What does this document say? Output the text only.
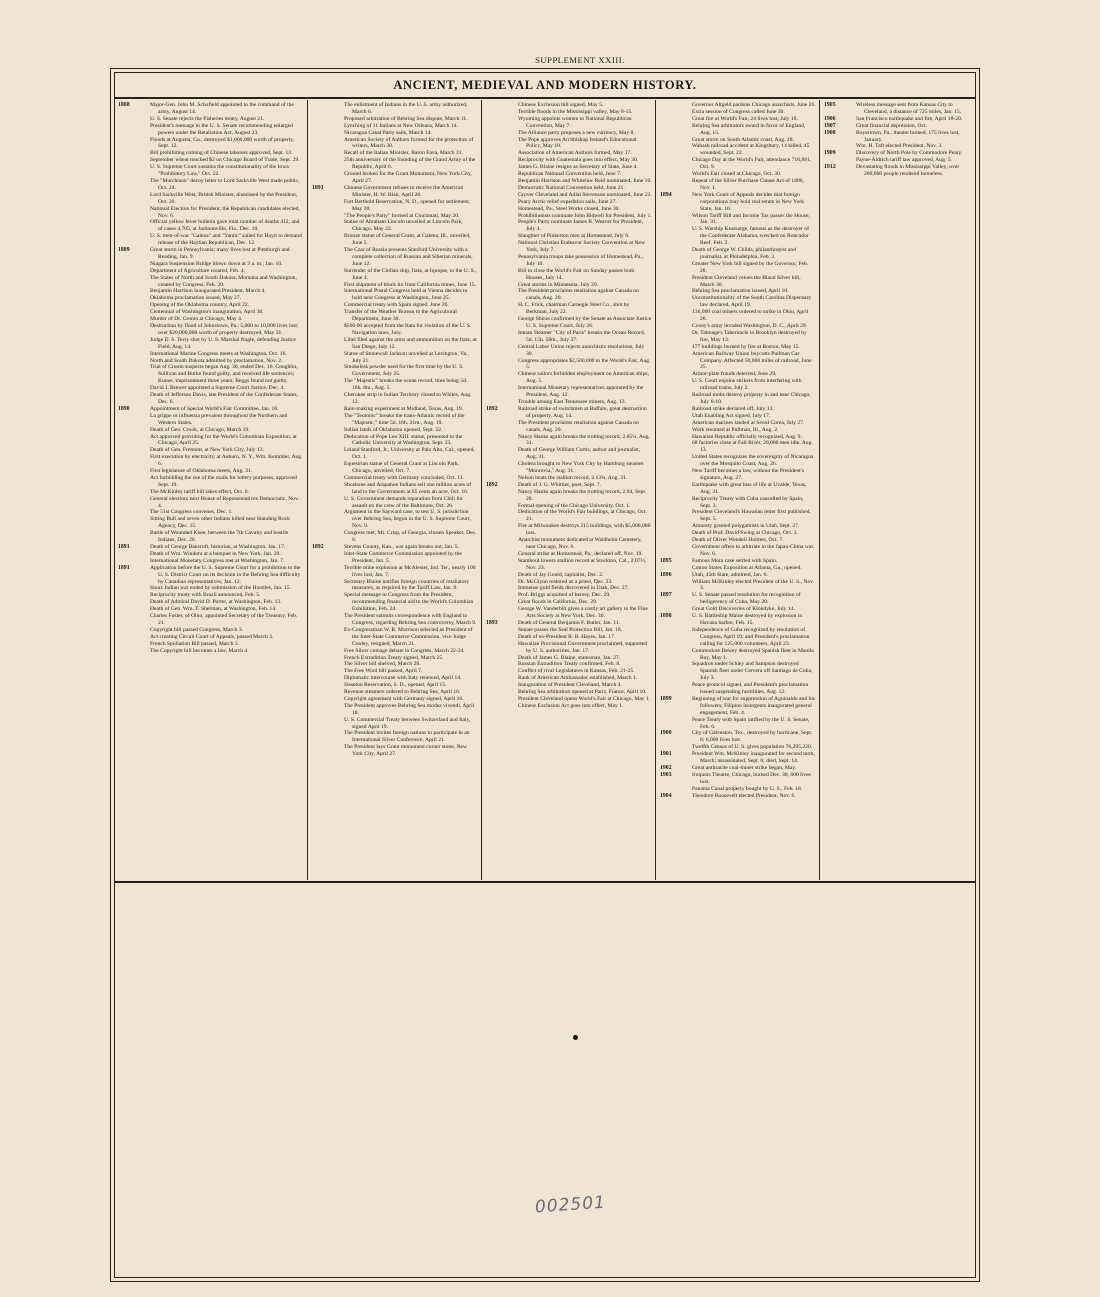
SUPPLEMENT XXIII.
ANCIENT, MEDIEVAL AND MODERN HISTORY.
1888	Major-Gen. John M. Schofield appointed to the command of the army, August 14.
U. S. Senate rejects the Fisheries treaty, August 21.
President's message to the U. S. Senate recommending enlarged powers under the Retaliation Act, August 23.
Floods at Augusta, Ga., destroyed $1,000,000 worth of property, Sept. 12.
Bill prohibiting coming of Chinese laborers approved, Sept. 13.
September wheat touched $2 on Chicago Board of Trade, Sept. 29.
U. S. Supreme Court sustains the constitutionality of the Iowa "Prohibitory Law," Oct. 22.
The "Murchison" decoy letter to Lord Sackville West made public, Oct. 24.
Lord Sackville West, British Minister, dismissed by the President, Oct. 20.
National Election for President; the Republican candidates elected, Nov. 6.
Official yellow fever bulletin gave total number of deaths 412, and of cases 4,705, at Jacksonville, Fla., Dec. 10.
U. S. men-of-war "Galena" and "Yantic" sailed for Hayti to demand release of the Haytian Republican, Dec. 12.
1889	Great storm in Pennsylvania; many lives lost at Pittsburgh and Reading, Jan. 9.
Niagara Suspension Bridge blown down at 3 a. m., Jan. 10.
Department of Agriculture created, Feb. 4.
The States of North and South Dakota, Montana and Washington, created by Congress, Feb. 20.
Benjamin Harrison inaugurated President, March 4.
Oklahoma proclamation issued, May 27.
Opening of the Oklahoma country, April 22.
Centennial of Washington's inauguration, April 30.
Murder of Dr. Cronin at Chicago, May 4.
Destruction by flood of Johnstown, Pa.; 5,000 to 10,000 lives lost; over $20,000,000 worth of property destroyed, May 31.
Judge D. S. Terry shot by U. S. Marshal Nagle, defending Justice Field, Aug. 14.
International Marine Congress meets at Washington, Oct. 16.
North and South Dakota admitted by proclamation, Nov. 2.
Trial of Cronin suspects began Aug. 30, ended Dec. 16. Coughlin, Sullivan and Burke found guilty, and received life sentences; Kunze, imprisonment three years; Beggs found not guilty.
David J. Brewer appointed a Supreme Court Justice, Dec. 4.
Death of Jefferson Davis, late President of the Confederate States, Dec. 6.
1890	Appointment of Special World's Fair Committee, Jan. 18.
La grippe or influenza prevalent throughout the Northern and Western States.
Death of Gen. Crook, at Chicago, March 19.
Act approved providing for the World's Columbian Exposition, at Chicago, April 25.
Death of Gen. Fremont, at New York City, July 13.
First execution by electricity, at Auburn, N. Y., Wm. Kemmler, Aug. 6.
First legislature of Oklahoma meets, Aug. 31.
Act forbidding the use of the mails for lottery purposes, approved Sept. 19.
The McKinley tariff bill takes effect, Oct. 6.
General election; next House of Representatives Democratic, Nov. 4.
The 51st Congress convenes, Dec. 1.
Sitting Bull and seven other Indians killed near Standing Rock Agency, Dec. 15.
Battle of Wounded Knee, between the 7th Cavalry and hostile Indians, Dec. 28.
1891	Death of George Bancroft, historian, at Washington, Jan. 17.
Death of Wm. Windom at a banquet in New York, Jan. 29.
International Monetary Congress met at Washington, Jan. 7.
1891	Application before the U. S. Supreme Court for a prohibition to the U. S. District Court on its decision in the Behring Sea difficulty by Canadian representatives, Jan. 12.
Sioux Indian war ended by submission of the Hostiles, Jan. 15.
Reciprocity treaty with Brazil announced, Feb. 5.
Death of Admiral David D. Porter, at Washington, Feb. 13.
Death of Gen. Wm. T. Sherman, at Washington, Feb. 14.
Charles Foster, of Ohio, appointed Secretary of the Treasury, Feb. 21.
Copyright bill passed Congress, March 3.
Act creating Circuit Court of Appeals, passed March 3.
French Spoliation Bill passed, March 3.
The Copyright bill becomes a law, March 4.
The enlistment of Indians in the U. S. army authorized, March 6.
Proposed arbitration of Behring Sea dispute, March 11.
Lynching of 11 Italians at New Orleans, March 14.
Nicaragua Canal Party sails, March 14.
American Society of Authors formed for the protection of writers, March 30.
Recall of the Italian Minister, Baron Fava, March 31.
25th anniversary of the founding of the Grand Army of the Republic, April 6.
Ground broken for the Grant Monument, New York City, April 27.
1891	Chinese Government refuses to receive the American Minister, H. W. Blair, April 28.
Fort Berthold Reservation, N. D., opened for settlement, May 20.
"The People's Party" formed at Cincinnati, May 20.
Statue of Abraham Lincoln unveiled at Lincoln Park, Chicago, May 22.
Bronze statue of General Grant, at Galena, Ill., unveiled, June 3.
The Czar of Russia presents Stanford University with a complete collection of Russian and Siberian minerals, June 12.
Surrender of the Chilian ship, Itata, at Iquique, to the U. S., June 4.
First shipment of block tin from California mines, June 15.
International Postal Congress held at Vienna decides to hold next Congress at Washington, June 25.
Commercial treaty with Spain signed, June 26.
Transfer of the Weather Bureau to the Agricultural Department, June 30.
$500.00 accepted from the Itata for violation of the U. S. Navigation laws, July.
Libel filed against the arms and ammunition on the Itata, at San Diego, July 12.
Statue of Stonewall Jackson unveiled at Lexington, Va., July 21.
Smokeless powder used for the first time by the U. S. Government, July 25.
The "Majestic" breaks the ocean record, time being 5d. 18h. 8m., Aug. 5.
Cherokee strip in Indian Territory closed to Whites, Aug. 12.
Rain-making experiment at Midland, Texas, Aug. 19.
The "Teutonic" breaks the trans-Atlantic record of the "Majestic," time 5d. 16h. 31m., Aug. 19.
Indian lands of Oklahoma opened, Sept. 22.
Dedication of Pope Leo XIII. statue, presented to the Catholic University at Washington, Sept. 23.
Leland Stanford, Jr., University at Palo Alto, Cal., opened, Oct. 1.
Equestrian statue of General Grant at Lincoln Park, Chicago, unveiled, Oct. 7.
Commercial treaty with Germany concluded, Oct. 11.
Shoshone and Arapahoe Indians sell one million acres of land to the Government at 65 cents an acre, Oct. 16.
U. S. Government demands reparation from Chili for assault on the crew of the Baltimore, Oct. 26.
Argument in the Sayward case, to test U. S. jurisdiction over Behring Sea, begun in the U. S. Supreme Court, Nov. 9.
Congress met; Mr. Crisp, of Georgia, chosen Speaker, Dec. 8.
1892	Stevens County, Kan., war again breaks out, Jan. 5.
Inter-State Commerce Commission appointed by the President, Jan. 5.
Terrible mine explosion at McAlester, Ind. Ter., nearly 100 lives lost, Jan. 7.
Secretary Blaine notifies foreign countries of retaliatory measures, as required by the Tariff Law, Jan. 8.
Special message to Congress from the President, recommending financial aid to the World's Columbian Exhibition, Feb. 24.
The President submits correspondence with England to Congress, regarding Behring Sea controversy, March 9.
Ex-Congressman W. R. Morrison selected as President of the Inter-State Commerce Commission, vice Judge Cooley, resigned, March 21.
Free Silver coinage debate in Congress, March 22-24.
French Extradition Treaty signed, March 25.
The Silver bill shelved, March 28.
The Free Wool bill passed, April 7.
Diplomatic intercourse with Italy renewed, April 14.
Sisseton Reservation, S. D., opened, April 15.
Revenue steamers ordered to Behring Sea, April 16.
Copyright agreement with Germany signed, April 16.
The President approves Behring Sea modus vivendi, April 18.
U. S. Commercial Treaty between Switzerland and Italy, signed April 19.
The President invites foreign nations to participate in an International Silver Conference, April 21.
The President lays Grant monument corner stone, New York City, April 27.
Chinese Exclusion bill signed, May 5.
Terrible floods in the Mississippi valley, May 8-15.
Wyoming appoints women to National Republican Convention, May 7.
The Alliance party proposes a new currency, May 8.
The Pope approves Archbishop Ireland's Educational Policy, May 10.
Association of American Authors formed, May 17.
Reciprocity with Guatemala goes into effect, May 30.
James G. Blaine resigns as Secretary of State, June 4.
Republican National Convention held, June 7.
Benjamin Harrison and Whitelaw Reid nominated, June 10.
Democratic National Convention held, June 21.
Grover Cleveland and Adlai Stevenson nominated, June 23.
Peary Arctic relief expedition sails, June 27.
Homestead, Pa., Steel Works closed, June 30.
Prohibitionists nominate John Bidwell for President, July 1.
People's Party nominate James B. Weaver for President, July 4.
Slaughter of Pinkerton men at Homestead, July 6.
National Christian Endeavor Society Convention at New York, July 7.
Pennsylvania troops take possession of Homestead, Pa., July 10.
Bill to close the World's Fair on Sunday passes both Houses, July 14.
Great storms in Minnesota, July 20.
The President proclaims retaliation against Canada on canals, Aug. 20.
H. C. Frick, chairman Carnegie Steel Co., shot by Berkman, July 22.
George Shiras confirmed by the Senate as Associate Justice U. S. Supreme Court, July 26.
Inman Steamer "City of Paris" breaks the Ocean Record, 5d. 15h. 58m., July 27.
Central Labor Union rejects anarchistic resolutions, July 30.
Congress appropriates $2,500,000 to the World's Fair, Aug. 5.
Chinese sailors forbidden employment on American ships, Aug. 5.
International Monetary representatives appointed by the President, Aug. 12.
Trouble among East Tennessee miners, Aug. 13.
1892	Railroad strike of switchmen at Buffalo, great destruction of property, Aug. 14.
The President proclaims retaliation against Canada on canals, Aug. 20.
Nancy Hanks again breaks the trotting record, 2.05¼, Aug. 31.
Death of George William Curtis, author and journalist, Aug. 31.
Cholera brought to New York City by Hamburg steamer "Monrovia," Aug. 31.
Nelson beats the stallion record, 2.13¾, Aug. 31.
1892	Death of J. G. Whittier, poet, Sept. 7.
Nancy Hanks again breaks the trotting record, 2.04, Sept. 28.
Formal opening of the Chicago University, Oct. 1.
Dedication of the World's Fair buildings, at Chicago, Oct. 21.
Fire at Milwaukee destroys 215 buildings, with $5,000,000 loss.
Anarchist monument dedicated at Waldheim Cemetery, near Chicago, Nov. 6.
General strike at Homestead, Pa., declared off, Nov. 19.
Stamboul lowers stallion record at Stockton, Cal., 2.07½, Nov. 23.
Death of Jay Gould, capitalist, Dec. 2.
Dr. McGlynn restored as a priest, Dec. 23.
Immense gold fields discovered in Utah, Dec. 27.
Prof. Briggs acquitted of heresy, Dec. 29.
Great floods in California, Dec. 29.
George W. Vanderbilt gives a costly art gallery to the Fine Arts Society at New York, Dec. 30.
1893	Death of General Benjamin F. Butler, Jan. 11.
Senate passes the Seal Protection Bill, Jan. 18.
Death of ex-President R. B. Hayes, Jan. 17.
Hawaiian Provisional Government proclaimed, supported by U. S. authorities, Jan. 17.
Death of James G. Blaine, statesman, Jan. 27.
Russian Extradition Treaty confirmed, Feb. 8.
Conflict of rival Legislatures in Kansas, Feb. 21-25.
Rank of American Ambassador established, March 1.
Inauguration of President Cleveland, March 4.
Behring Sea arbitration opened at Paris, France, April 10.
President Cleveland opens World's Fair at Chicago, May 1.
Chinese Exclusion Act goes into effect, May 1.
Governor Altgeld pardons Chicago anarchists, June 26.
Extra session of Congress called June 30.
Great fire at World's Fair, 24 lives lost, July 10.
Behring Sea arbitrators award in favor of England, Aug. 15.
Great storm on South Atlantic coast, Aug. 28.
Wabash railroad accident at Kingsbury, 14 killed, 45 wounded, Sept. 22.
Chicago Day at the World's Fair, attendance 716,881, Oct. 9.
World's Fair closed at Chicago, Oct. 30.
Repeal of the Silver Purchase Clause Act of 1890, Nov. 1.
1894	New York Court of Appeals decides that foreign corporations may hold real estate in New York State, Jan. 16.
Wilson Tariff Bill and Income Tax passes the House, Jan. 31.
U. S. Warship Kearsarge, famous as the destroyer of the Confederate Alabama, wrecked on Roncador Reef, Feb. 2.
Death of George W. Childs, philanthropist and journalist, at Philadelphia, Feb. 3.
Greater New York bill signed by the Governor, Feb. 28.
President Cleveland vetoes the Bland Silver bill, March 30.
Behring Sea proclamation issued, April 10.
Unconstitutionality of the South Carolina Dispensary law declared, April 19.
136,000 coal miners ordered to strike in Ohio, April 20.
Coxey's army invaded Washington, D. C., April 29.
Dr. Talmage's Tabernacle in Brooklyn destroyed by fire, May 13.
177 buildings burned by fire at Boston, May 15.
American Railway Union boycotts Pullman Car Company. Affected 50,000 miles of railroad, June 25.
Armor-plate frauds detected, June 29.
U. S. Court enjoins strikers from interfering with railroad trains, July 2.
Railroad mobs destroy property in and near Chicago, July 6-10.
Railroad strike declared off, July 13.
Utah Enabling Act signed, July 17.
American marines landed at Seoul Corea, July 27.
Work resumed at Pullman, Ill., Aug. 2.
Hawaiian Republic officially recognized, Aug. 9.
68 factories close at Fall River, 20,000 men idle, Aug. 13.
United States recognizes the sovereignty of Nicaragua over the Mosquito Coast, Aug. 26.
New Tariff becomes a law, without the President's signature, Aug. 27.
Earthquake with great loss of life at Uvalde, Texas, Aug. 31.
Reciprocity Treaty with Cuba cancelled by Spain, Sept. 3.
President Cleveland's Hawaiian letter first published, Sept. 5.
Amnesty granted polygamists in Utah, Sept. 27.
Death of Prof. David Swing at Chicago, Oct. 3.
Death of Oliver Wendell Holmes, Oct. 7.
Government offers to arbitrate in the Japan-China war, Nov. 6.
1895	Famous Mora case settled with Spain.
Cotton States Exposition at Atlanta, Ga., opened.
1896	Utah, 45th State, admitted, Jan. 6.
William McKinley elected President of the U. S., Nov. 3.
1897	U. S. Senate passed resolution for recognition of belligerency of Cuba, May 20.
Great Gold Discoveries of Klondyke, July 14.
1898	U. S. Battleship Maine destroyed by explosion in Havana harbor, Feb. 15.
Independence of Cuba recognized by resolution of Congress, April 19; and President's proclamation calling for 125,000 volunteers, April 23.
Commodore Dewey destroyed Spanish fleet in Manila Bay, May 1.
Squadron under Schley and Sampson destroyed Spanish fleet under Cervera off Santiago de Cuba, July 3.
Peace protocol signed, and President's proclamation issued suspending hostilities, Aug. 12.
1899	Beginning of war for suppression of Aguinaldo and his followers; Filipino insurgents inaugurated general engagement, Feb. 4.
Peace Treaty with Spain ratified by the U. S. Senate, Feb. 6.
1900	City of Galveston, Tex., destroyed by hurricane, Sept. 8; 6,000 lives lost.
Twelfth Census of U. S. gives population 76,295,220.
1901	President Wm. McKinley inaugurated for second term, March; assassinated, Sept. 6; died, Sept. 14.
1902	Great anthracite coal-miner strike began, May.
1903	Iroquois Theatre, Chicago, burned Dec. 30, 600 lives lost.
Panama Canal property bought by U. S., Feb. 18.
1904	Theodore Roosevelt elected President, Nov. 6.
1905	Wireless message sent from Kansas City to Cleveland, a distance of 725 miles, Jan. 15.
1906	San Francisco earthquake and fire, April 18-20.
1907	Great financial depression, Oct.
1908	Boyertown, Pa., theatre burned, 175 lives lost, January.
Wm. H. Taft elected President, Nov. 3.
1909	Discovery of North Pole by Commodore Peary.
Payne-Aldrich tariff law approved, Aug. 5.
1912	Devastating floods in Mississippi Valley; over 200,000 people rendered homeless.
002501
